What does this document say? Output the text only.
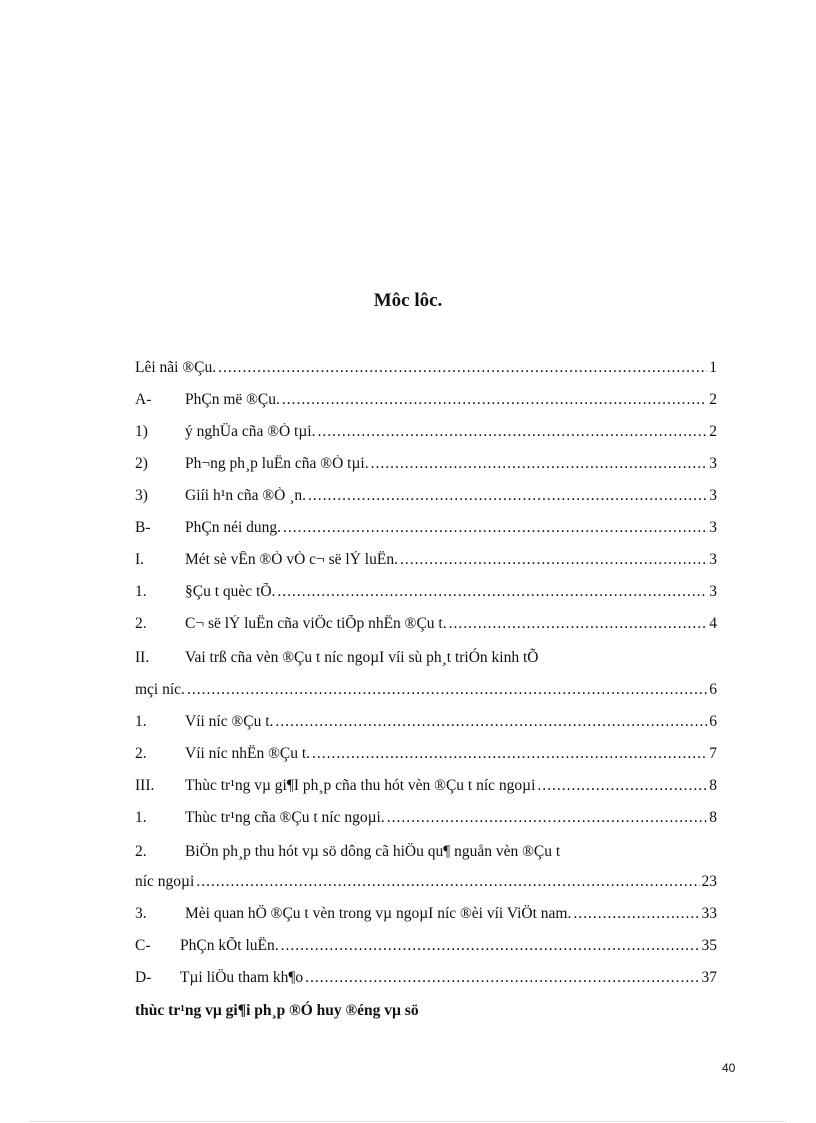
Môc lôc.
Lêi nãi ®Çu. .....	1
A-	PhÇn më ®Çu. .....	2
1)	ý nghÜa cña ®Ò tµi. .....	2
2)	Ph¬ng ph¸p luËn cña ®Ò tµi. .....	3
3)	Giíi h¹n cña ®Ò ¸n. .....	3
B-	PhÇn néi dung. .....	3
I.	Mét sè vÊn ®Ò vÒ c¬ së lÝ luËn. .....	3
1.	§Çu t quèc tÕ. .....	3
2.	C¬ së lÝ luËn cña viÖc tiÕp nhËn ®Çu t. .....	4
II. Vai trß cña vèn ®Çu t níc ngoµI víi sù ph¸t triÓn kinh tÕ
mçi níc. .....	6
1.	Víi níc ®Çu t. .....	6
2.	Víi níc nhËn ®Çu t. .....	7
III.	Thùc tr¹ng vµ gi¶I ph¸p cña thu hót vèn ®Çu t níc ngoµi .....	8
1.	Thùc tr¹ng cña ®Çu t níc ngoµi. .....	8
2. BiÖn ph¸p thu hót vµ sö dông cã hiÖu qu¶ nguån vèn ®Çu t
níc ngoµi .....	23
3.	Mèi quan hÖ ®Çu t vèn trong vµ ngoµI níc ®èi víi ViÖt nam. .....	33
C-	PhÇn kÕt luËn. .....	35
D-	Tµi liÖu tham kh¶o .....	37
thùc tr¹ng vµ gi¶i ph¸p ®Ó huy ®éng vµ sö
40
